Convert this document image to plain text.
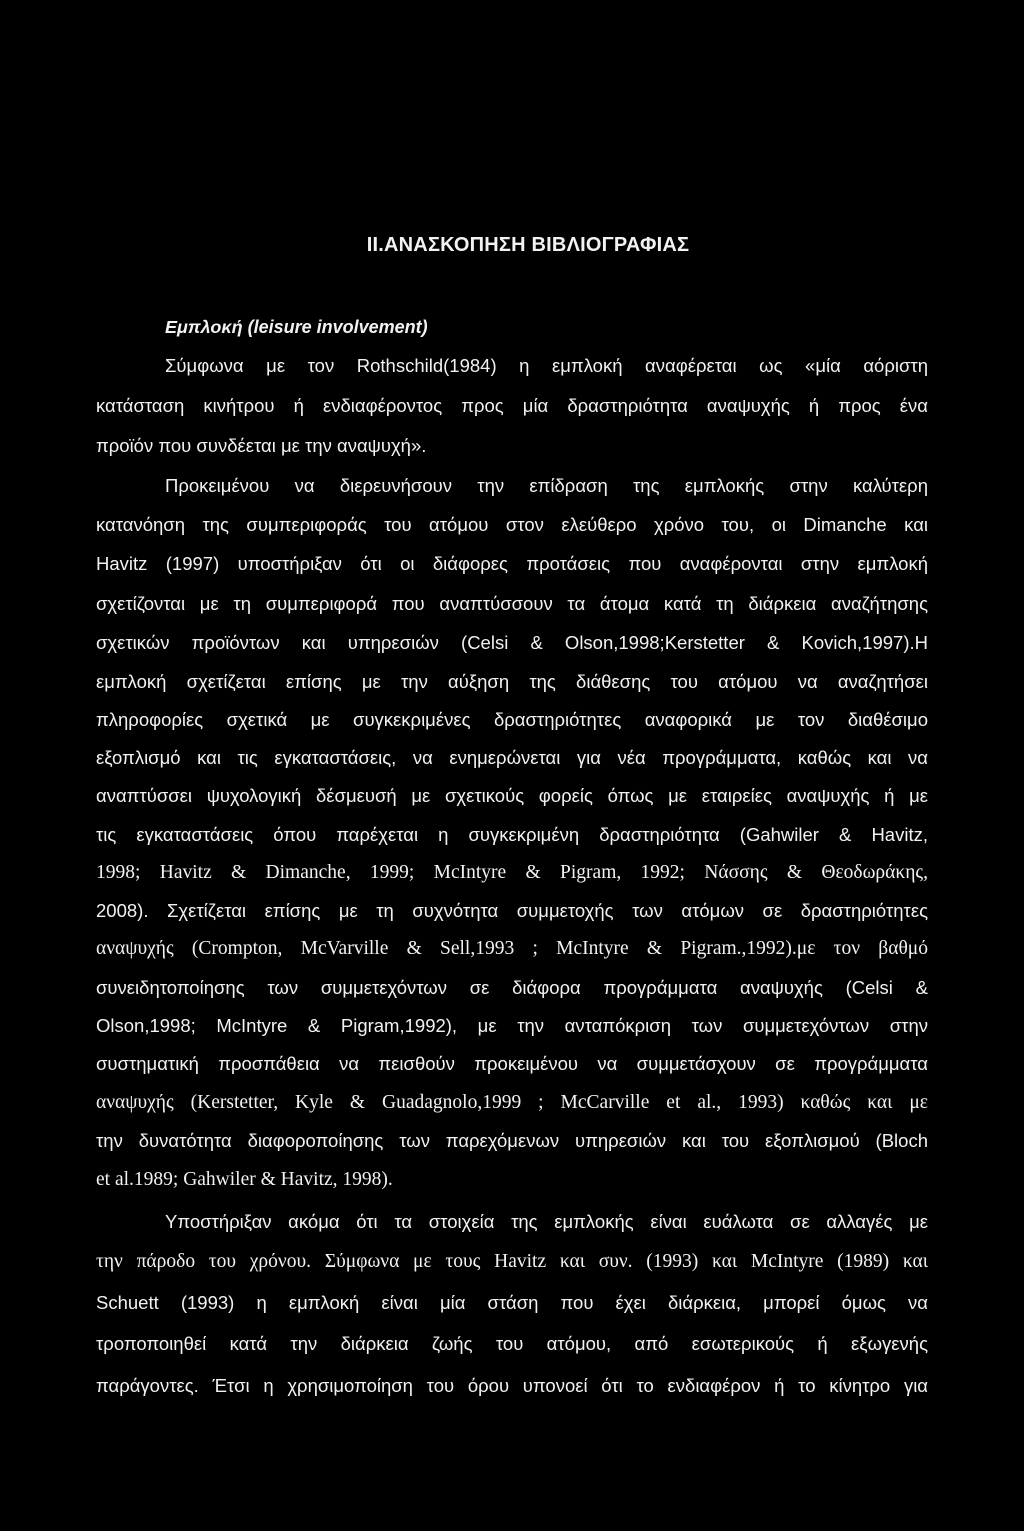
II.ΑΝΑΣΚΟΠΗΣΗ ΒΙΒΛΙΟΓΡΑΦΙΑΣ
Εμπλοκή (leisure involvement)
Σύμφωνα με τον Rothschild(1984) η εμπλοκή αναφέρεται ως «μία αόριστη
κατάσταση κινήτρου ή ενδιαφέροντος προς μία δραστηριότητα αναψυχής ή προς ένα
προϊόν που συνδέεται με την αναψυχή».
Προκειμένου να διερευνήσουν την επίδραση της εμπλοκής στην καλύτερη
κατανόηση της συμπεριφοράς του ατόμου στον ελεύθερο χρόνο του, οι Dimanche και
Havitz (1997) υποστήριξαν ότι οι διάφορες προτάσεις που αναφέρονται στην εμπλοκή
σχετίζονται με τη συμπεριφορά που αναπτύσσουν τα άτομα κατά τη διάρκεια αναζήτησης
σχετικών προϊόντων και υπηρεσιών (Celsi & Olson,1998;Kerstetter & Kovich,1997).Η
εμπλοκή σχετίζεται επίσης με την αύξηση της διάθεσης του ατόμου να αναζητήσει
πληροφορίες σχετικά με συγκεκριμένες δραστηριότητες αναφορικά με τον διαθέσιμο
εξοπλισμό και τις εγκαταστάσεις, να ενημερώνεται για νέα προγράμματα, καθώς και να
αναπτύσσει ψυχολογική δέσμευσή με σχετικούς φορείς όπως με εταιρείες αναψυχής ή με
τις εγκαταστάσεις όπου παρέχεται η συγκεκριμένη δραστηριότητα (Gahwiler & Havitz,
1998; Havitz & Dimanche, 1999; McIntyre & Pigram, 1992; Νάσσης & Θεοδωράκης,
2008). Σχετίζεται επίσης με τη συχνότητα συμμετοχής των ατόμων σε δραστηριότητες
αναψυχής (Crompton, McVarville & Sell,1993 ; McIntyre & Pigram.,1992).με τον βαθμό
συνειδητοποίησης των συμμετεχόντων σε διάφορα προγράμματα αναψυχής (Celsi &
Olson,1998; McIntyre & Pigram,1992), με την ανταπόκριση των συμμετεχόντων στην
συστηματική προσπάθεια να πεισθούν προκειμένου να συμμετάσχουν σε προγράμματα
αναψυχής (Kerstetter, Kyle & Guadagnolo,1999 ; McCarville et al., 1993) καθώς και με
την δυνατότητα διαφοροποίησης των παρεχόμενων υπηρεσιών και του εξοπλισμού (Bloch
et al.1989; Gahwiler & Havitz, 1998).
Υποστήριξαν ακόμα ότι τα στοιχεία της εμπλοκής είναι ευάλωτα σε αλλαγές με
την πάροδο του χρόνου. Σύμφωνα με τους Havitz και συν. (1993) και McIntyre (1989) και
Schuett (1993) η εμπλοκή είναι μία στάση που έχει διάρκεια, μπορεί όμως να
τροποποιηθεί κατά την διάρκεια ζωής του ατόμου, από εσωτερικούς ή εξωγενής
παράγοντες. Έτσι η χρησιμοποίηση του όρου υπονοεί ότι το ενδιαφέρον ή το κίνητρο για
